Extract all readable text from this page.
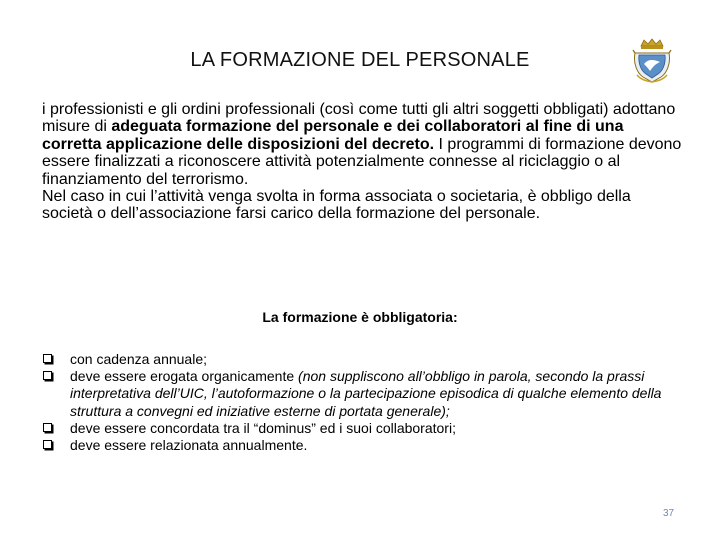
LA FORMAZIONE DEL PERSONALE

i professionisti e gli ordini professionali (così come tutti gli altri soggetti obbligati) adottano misure di adeguata formazione del personale e dei collaboratori al fine di una corretta applicazione delle disposizioni del decreto. I programmi di formazione devono essere finalizzati a riconoscere attività potenzialmente connesse al riciclaggio o al finanziamento del terrorismo.

Nel caso in cui l’attività venga svolta in forma associata o societaria, è obbligo della società o dell’associazione farsi carico della formazione del personale.

La formazione è obbligatoria:
con cadenza annuale;
deve essere erogata organicamente (non suppliscono all’obbligo in parola, secondo la prassi interpretativa dell’UIC, l’autoformazione o la partecipazione episodica di qualche elemento della struttura a convegni ed iniziative esterne di portata generale);
deve essere concordata tra il “dominus” ed i suoi collaboratori;
deve essere relazionata annualmente.
37
